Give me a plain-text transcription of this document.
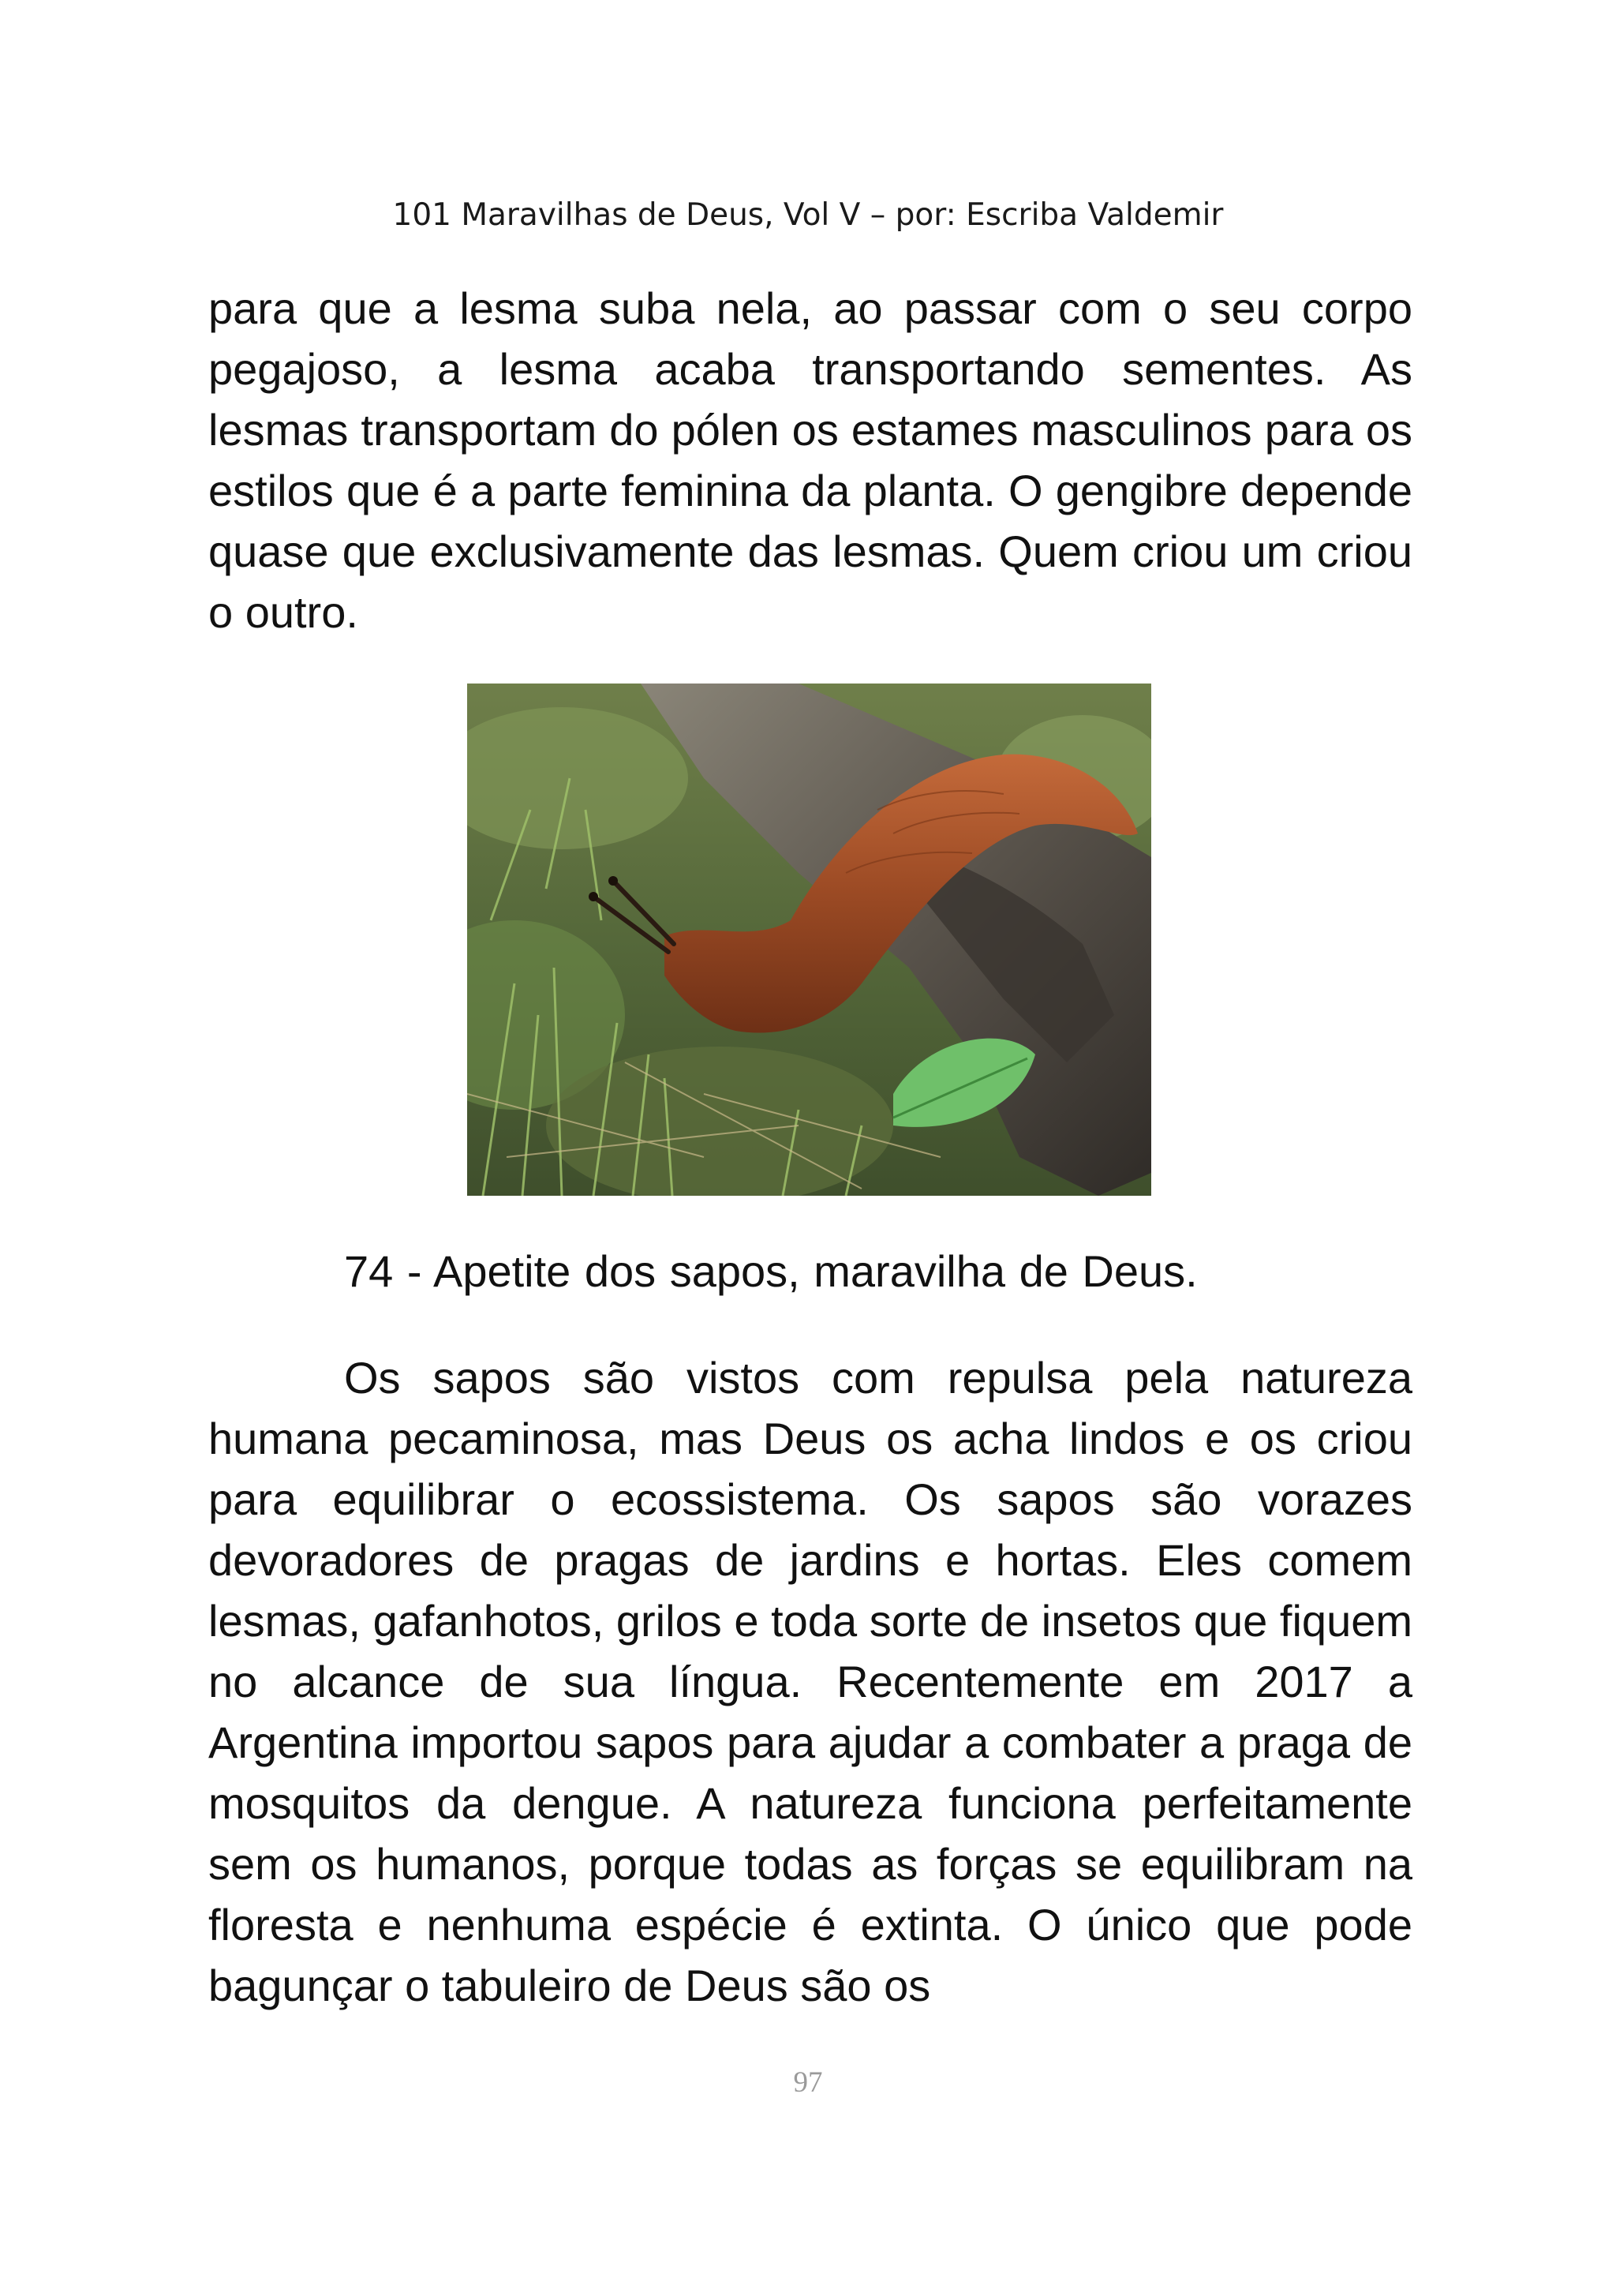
101 Maravilhas de Deus, Vol V – por: Escriba Valdemir

para que a lesma suba nela, ao passar com o seu corpo pegajoso, a lesma acaba transportando sementes. As lesmas transportam do pólen os estames masculinos para os estilos que é a parte feminina da planta. O gengibre depende quase que exclusivamente das lesmas. Quem criou um criou o outro.

74 - Apetite dos sapos, maravilha de Deus.

Os sapos são vistos com repulsa pela natureza humana pecaminosa, mas Deus os acha lindos e os criou para equilibrar o ecossistema. Os sapos são vorazes devoradores de pragas de jardins e hortas. Eles comem lesmas, gafanhotos, grilos e toda sorte de insetos que fiquem no alcance de sua língua. Recentemente em 2017 a Argentina importou sapos para ajudar a combater a praga de mosquitos da dengue. A natureza funciona perfeitamente sem os humanos, porque todas as forças se equilibram na floresta e nenhuma espécie é extinta. O único que pode bagunçar o tabuleiro de Deus são os

97
